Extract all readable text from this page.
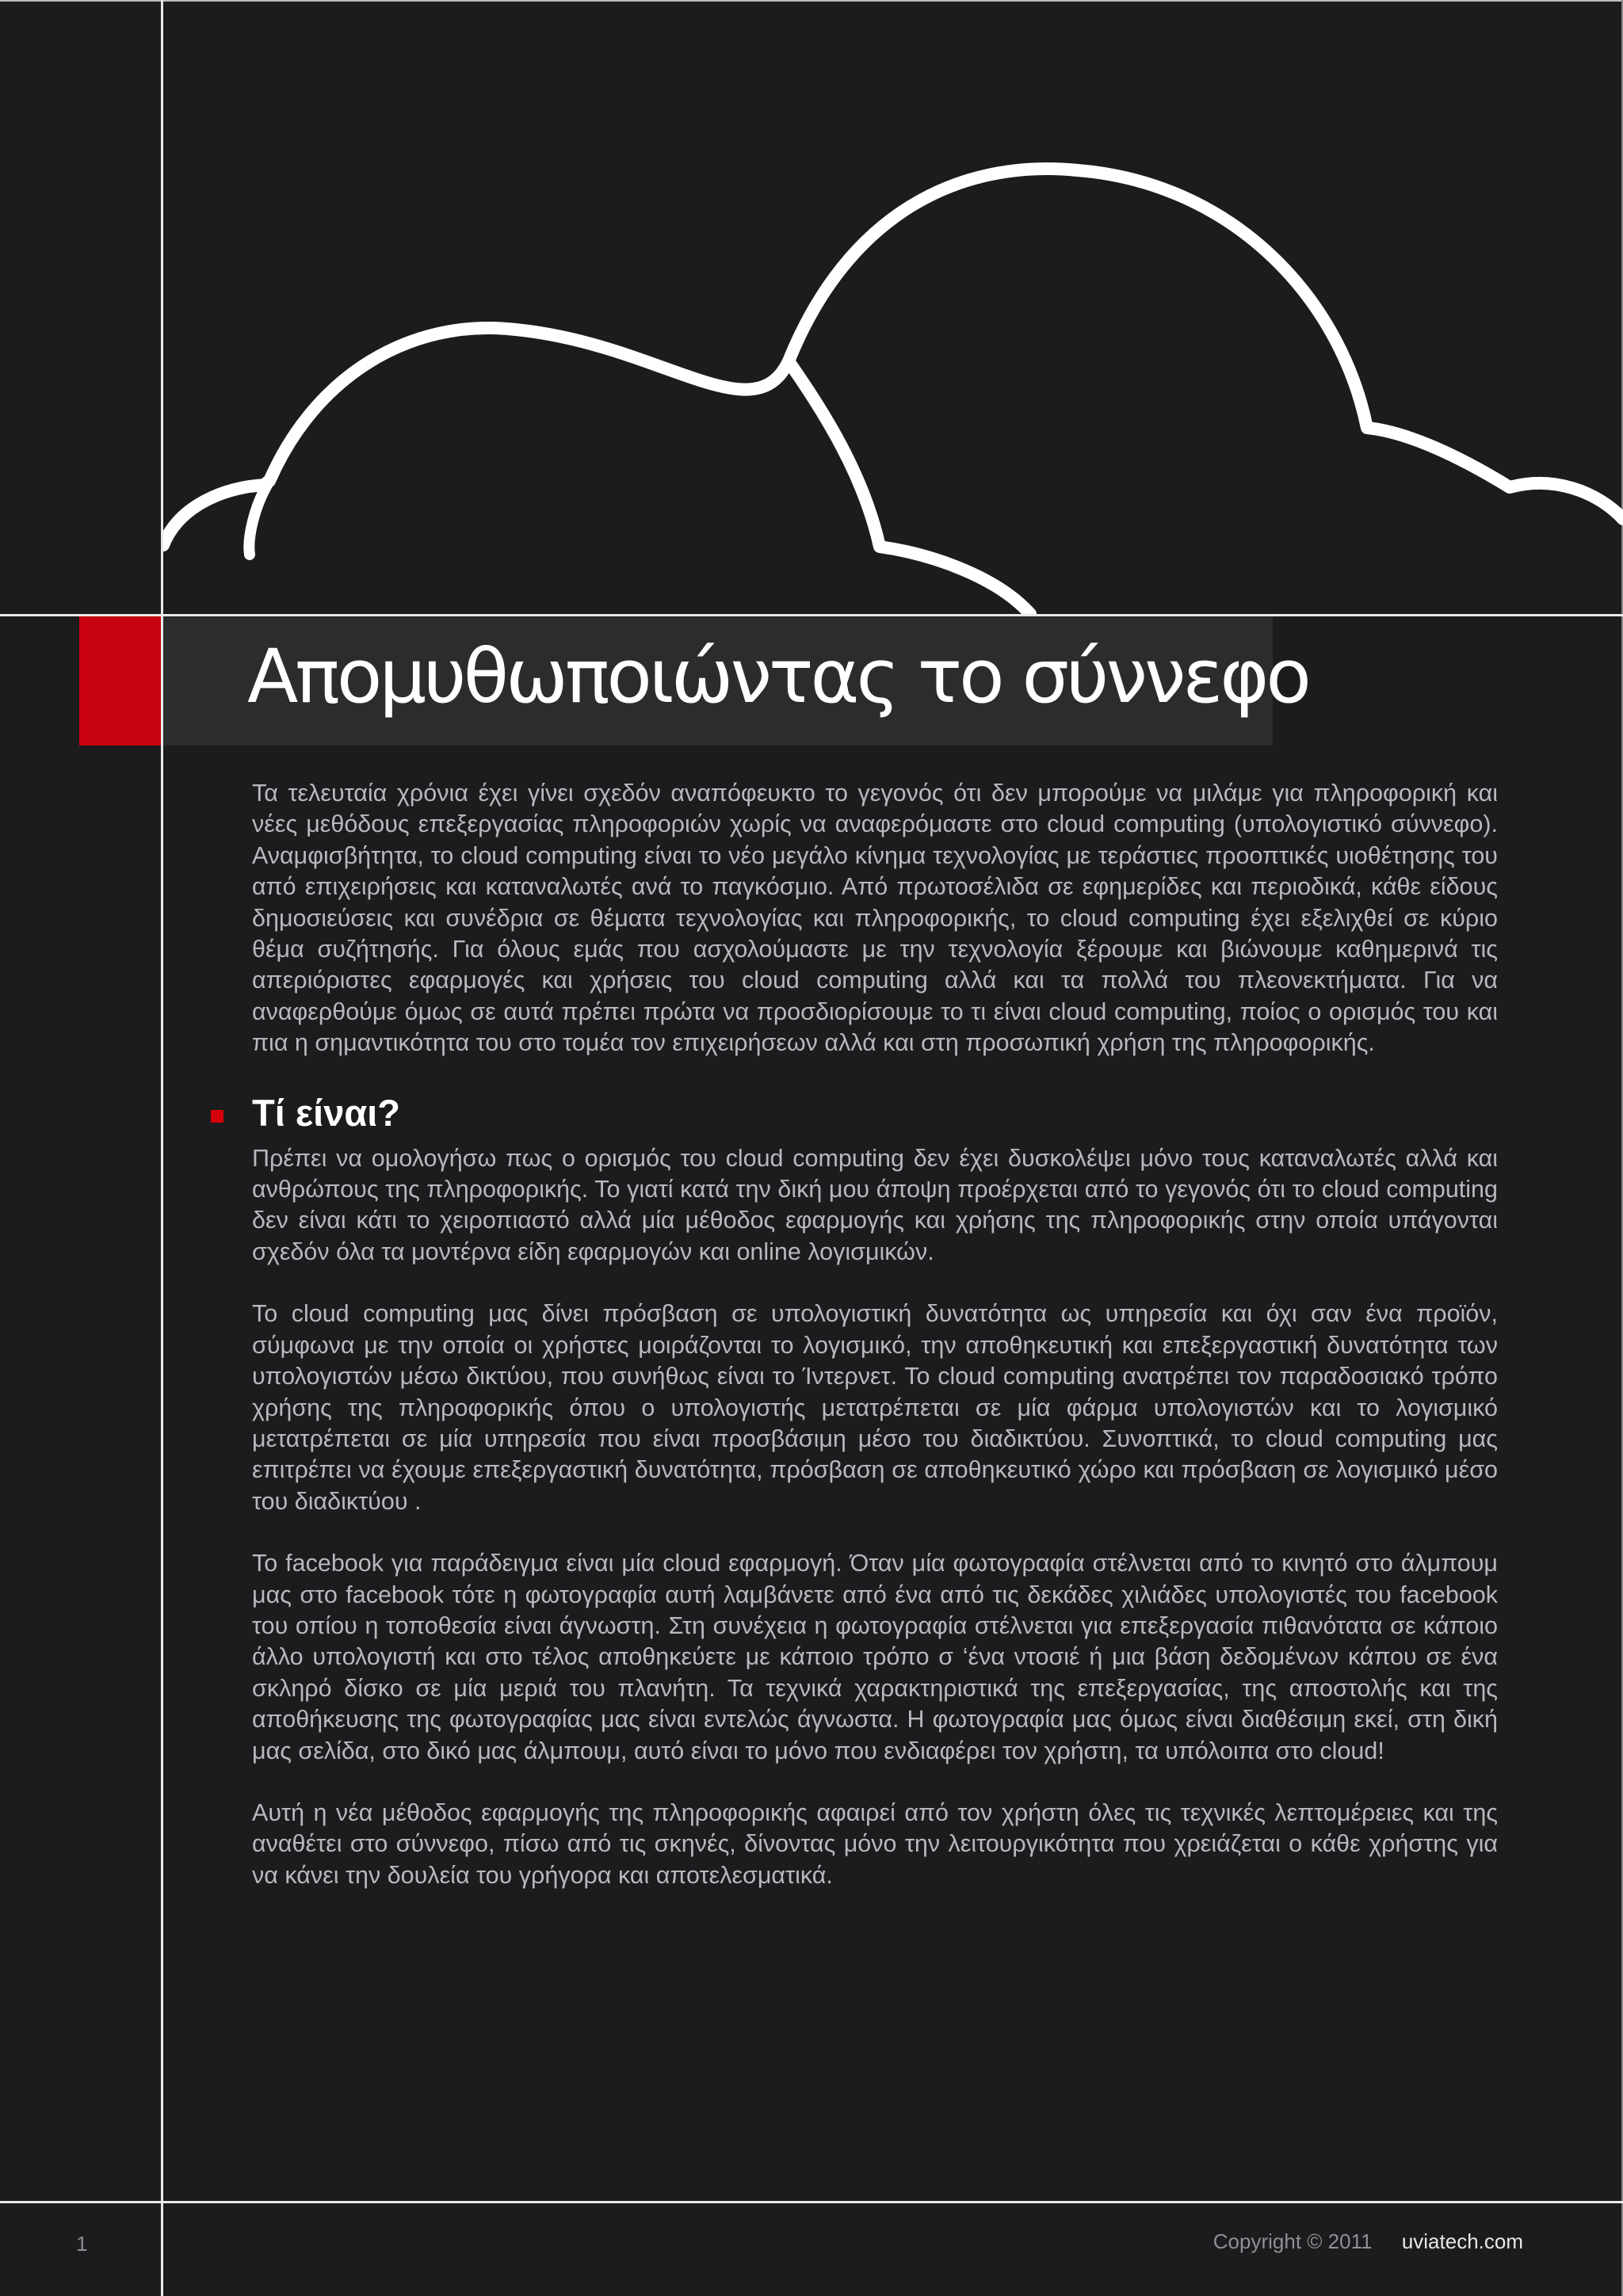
Απομυθωποιώντας το σύννεφο

Τα τελευταία χρόνια έχει γίνει σχεδόν αναπόφευκτο το γεγονός ότι δεν μπορούμε να μιλάμε για πληροφορική και νέες μεθόδους επεξεργασίας πληροφοριών χωρίς να αναφερόμαστε στο cloud computing (υπολογιστικό σύννεφο). Αναμφισβήτητα, το cloud computing είναι το νέο μεγάλο κίνημα τεχνολογίας με τεράστιες προοπτικές υιοθέτησης του από επιχειρήσεις και καταναλωτές ανά το παγκόσμιο. Από πρωτοσέλιδα σε εφημερίδες και περιοδικά, κάθε είδους δημοσιεύσεις και συνέδρια σε θέματα τεχνολογίας και πληροφορικής, το cloud computing έχει εξελιχθεί σε κύριο θέμα συζήτησής. Για όλους εμάς που ασχολούμαστε με την τεχνολογία ξέρουμε και βιώνουμε καθημερινά τις απεριόριστες εφαρμογές και χρήσεις του cloud computing αλλά και τα πολλά του πλεονεκτήματα. Για να αναφερθούμε όμως σε αυτά πρέπει πρώτα να προσδιορίσουμε το τι είναι cloud computing, ποίος ο ορισμός του και πια η σημαντικότητα του στο τομέα τον επιχειρήσεων αλλά και στη προσωπική χρήση της πληροφορικής.

Τί είναι?

Πρέπει να ομολογήσω πως ο ορισμός του cloud computing δεν έχει δυσκολέψει μόνο τους καταναλωτές αλλά και ανθρώπους της πληροφορικής. Το γιατί κατά την δική μου άποψη προέρχεται από το γεγονός ότι το cloud computing δεν είναι κάτι το χειροπιαστό αλλά μία μέθοδος εφαρμογής και χρήσης της πληροφορικής στην οποία υπάγονται σχεδόν όλα τα μοντέρνα είδη εφαρμογών και online λογισμικών.

Το cloud computing μας δίνει πρόσβαση σε υπολογιστική δυνατότητα ως υπηρεσία και όχι σαν ένα προϊόν, σύμφωνα με την οποία οι χρήστες μοιράζονται το λογισμικό, την αποθηκευτική και επεξεργαστική δυνατότητα των υπολογιστών μέσω δικτύου, που συνήθως είναι το Ίντερνετ. Το cloud computing ανατρέπει τον παραδοσιακό τρόπο χρήσης της πληροφορικής όπου ο υπολογιστής μετατρέπεται σε μία φάρμα υπολογιστών και το λογισμικό μετατρέπεται σε μία υπηρεσία που είναι προσβάσιμη μέσο του διαδικτύου. Συνοπτικά, το cloud computing μας επιτρέπει να έχουμε επεξεργαστική δυνατότητα, πρόσβαση σε αποθηκευτικό χώρο και πρόσβαση σε λογισμικό μέσο του διαδικτύου .

Το facebook για παράδειγμα είναι μία cloud εφαρμογή. Όταν μία φωτογραφία στέλνεται από το κινητό στο άλμπουμ μας στο facebook τότε η φωτογραφία αυτή λαμβάνετε από ένα από τις δεκάδες χιλιάδες υπολογιστές του facebook του οπίου η τοποθεσία είναι άγνωστη. Στη συνέχεια η φωτογραφία στέλνεται για επεξεργασία πιθανότατα σε κάποιο άλλο υπολογιστή και στο τέλος αποθηκεύετε με κάποιο τρόπο σ ‘ένα ντοσιέ ή μια βάση δεδομένων κάπου σε ένα σκληρό δίσκο σε μία μεριά του πλανήτη. Τα τεχνικά χαρακτηριστικά της επεξεργασίας, της αποστολής και της αποθήκευσης της φωτογραφίας μας είναι εντελώς άγνωστα. Η φωτογραφία μας όμως είναι διαθέσιμη εκεί, στη δική μας σελίδα, στο δικό μας άλμπουμ, αυτό είναι το μόνο που ενδιαφέρει τον χρήστη, τα υπόλοιπα στο cloud!

Αυτή η νέα μέθοδος εφαρμογής της πληροφορικής αφαιρεί από τον χρήστη όλες τις τεχνικές λεπτομέρειες και της αναθέτει στο σύννεφο, πίσω από τις σκηνές, δίνοντας μόνο την λειτουργικότητα που χρειάζεται ο κάθε χρήστης για να κάνει την δουλεία του γρήγορα και αποτελεσματικά.

1	Copyright © 2011 uviatech.com
